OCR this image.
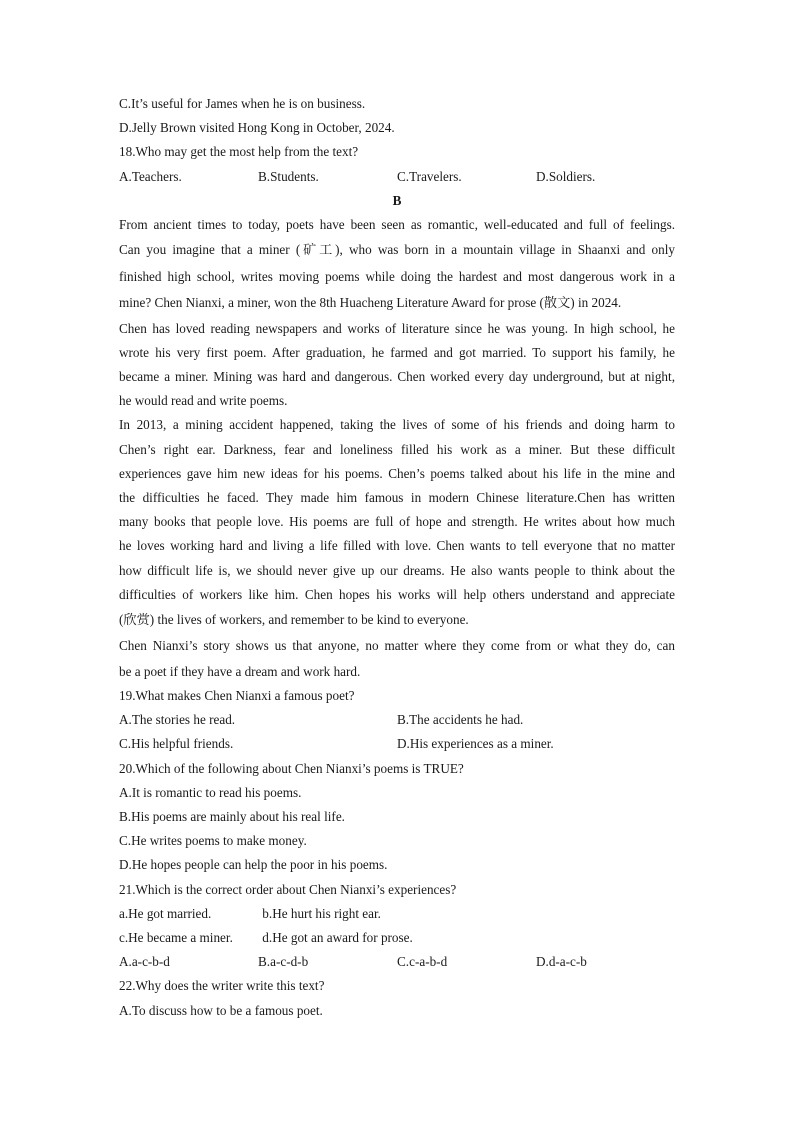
C.It’s useful for James when he is on business.
D.Jelly Brown visited Hong Kong in October, 2024.
18.Who may get the most help from the text?
A.Teachers.	B.Students.	C.Travelers.	D.Soldiers.
B
From ancient times to today, poets have been seen as romantic, well-educated and full of feelings.
Can you imagine that a miner (矿工), who was born in a mountain village in Shaanxi and only
finished high school, writes moving poems while doing the hardest and most dangerous work in a
mine? Chen Nianxi, a miner, won the 8th Huacheng Literature Award for prose (散文) in 2024.
Chen has loved reading newspapers and works of literature since he was young. In high school, he
wrote his very first poem. After graduation, he farmed and got married. To support his family, he
became a miner. Mining was hard and dangerous. Chen worked every day underground, but at night,
he would read and write poems.
In 2013, a mining accident happened, taking the lives of some of his friends and doing harm to
Chen’s right ear. Darkness, fear and loneliness filled his work as a miner. But these difficult
experiences gave him new ideas for his poems. Chen’s poems talked about his life in the mine and
the difficulties he faced. They made him famous in modern Chinese literature.Chen has written
many books that people love. His poems are full of hope and strength. He writes about how much
he loves working hard and living a life filled with love. Chen wants to tell everyone that no matter
how difficult life is, we should never give up our dreams. He also wants people to think about the
difficulties of workers like him. Chen hopes his works will help others understand and appreciate
(欣赏) the lives of workers, and remember to be kind to everyone.
Chen Nianxi’s story shows us that anyone, no matter where they come from or what they do, can
be a poet if they have a dream and work hard.
19.What makes Chen Nianxi a famous poet?
A.The stories he read.	B.The accidents he had.
C.His helpful friends.	D.His experiences as a miner.
20.Which of the following about Chen Nianxi’s poems is TRUE?
A.It is romantic to read his poems.
B.His poems are mainly about his real life.
C.He writes poems to make money.
D.He hopes people can help the poor in his poems.
21.Which is the correct order about Chen Nianxi’s experiences?
a.He got married.	b.He hurt his right ear.
c.He became a miner. d.He got an award for prose.
A.a-c-b-d	B.a-c-d-b	C.c-a-b-d	D.d-a-c-b
22.Why does the writer write this text?
A.To discuss how to be a famous poet.
